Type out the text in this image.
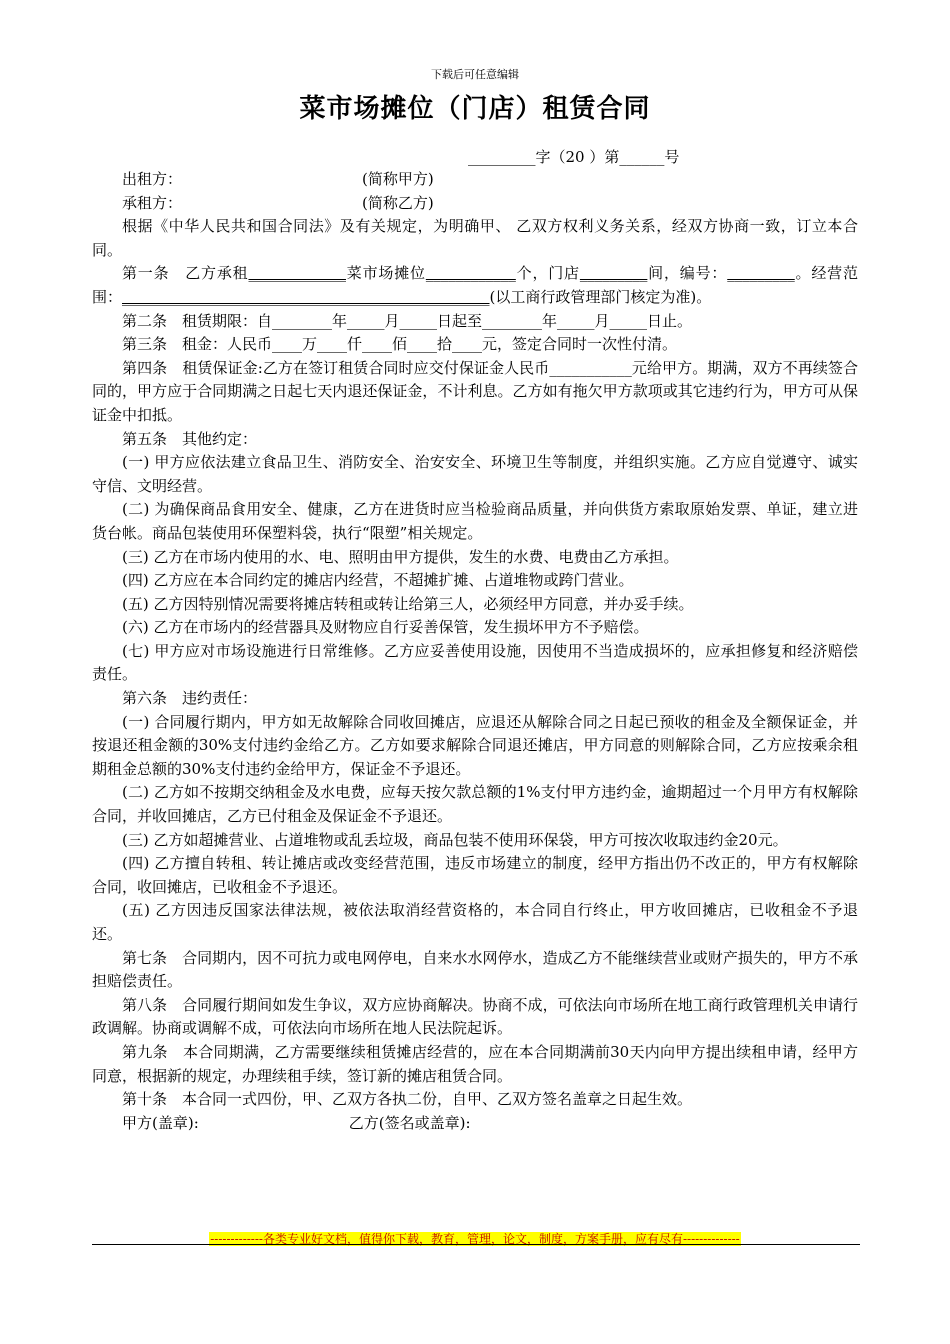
下载后可任意编辑
菜市场摊位（门店）租赁合同
_________字（20 ）第______号

出租方：	(简称甲方)

承租方：	(简称乙方)

根据《中华人民共和国合同法》及有关规定，为明确甲、 乙双方权利义务关系，经双方协商一致，订立本合同。

第一条　乙方承租_____________菜市场摊位____________个，门店_________间，编号：_________。经营范围：_________________________________________________(以工商行政管理部门核定为准)。

第二条　租赁期限：自________年_____月_____日起至________年_____月_____日止。

第三条　租金：人民币____万____仟____佰____拾____元，签定合同时一次性付清。

第四条　租赁保证金:乙方在签订租赁合同时应交付保证金人民币___________元给甲方。期满，双方不再续签合同的，甲方应于合同期满之日起七天内退还保证金，不计利息。乙方如有拖欠甲方款项或其它违约行为，甲方可从保证金中扣抵。

第五条　其他约定：

(一) 甲方应依法建立食品卫生、消防安全、治安安全、环境卫生等制度，并组织实施。乙方应自觉遵守、诚实守信、文明经营。

(二) 为确保商品食用安全、健康，乙方在进货时应当检验商品质量，并向供货方索取原始发票、单证，建立进货台帐。商品包装使用环保塑料袋，执行“限塑”相关规定。

(三) 乙方在市场内使用的水、电、照明由甲方提供，发生的水费、电费由乙方承担。

(四) 乙方应在本合同约定的摊店内经营，不超摊扩摊、占道堆物或跨门营业。

(五) 乙方因特别情况需要将摊店转租或转让给第三人，必须经甲方同意，并办妥手续。

(六) 乙方在市场内的经营器具及财物应自行妥善保管，发生损坏甲方不予赔偿。

(七) 甲方应对市场设施进行日常维修。乙方应妥善使用设施，因使用不当造成损坏的，应承担修复和经济赔偿责任。

第六条　违约责任：

(一) 合同履行期内，甲方如无故解除合同收回摊店，应退还从解除合同之日起已预收的租金及全额保证金，并按退还租金额的30%支付违约金给乙方。乙方如要求解除合同退还摊店，甲方同意的则解除合同，乙方应按乘余租期租金总额的30%支付违约金给甲方，保证金不予退还。

(二) 乙方如不按期交纳租金及水电费，应每天按欠款总额的1%支付甲方违约金，逾期超过一个月甲方有权解除合同，并收回摊店，乙方已付租金及保证金不予退还。

(三) 乙方如超摊营业、占道堆物或乱丢垃圾，商品包装不使用环保袋，甲方可按次收取违约金20元。

(四) 乙方擅自转租、转让摊店或改变经营范围，违反市场建立的制度，经甲方指出仍不改正的，甲方有权解除合同，收回摊店，已收租金不予退还。

(五) 乙方因违反国家法律法规，被依法取消经营资格的，本合同自行终止，甲方收回摊店，已收租金不予退还。

第七条　合同期内，因不可抗力或电网停电，自来水水网停水，造成乙方不能继续营业或财产损失的，甲方不承担赔偿责任。

第八条　合同履行期间如发生争议，双方应协商解决。协商不成，可依法向市场所在地工商行政管理机关申请行政调解。协商或调解不成，可依法向市场所在地人民法院起诉。

第九条　本合同期满，乙方需要继续租赁摊店经营的，应在本合同期满前30天内向甲方提出续租申请，经甲方同意，根据新的规定，办理续租手续，签订新的摊店租赁合同。

第十条　本合同一式四份，甲、乙双方各执二份，自甲、乙双方签名盖章之日起生效。

甲方(盖章):	乙方(签名或盖章):

-------------各类专业好文档，值得你下载，教育，管理，论文，制度，方案手册，应有尽有--------------
